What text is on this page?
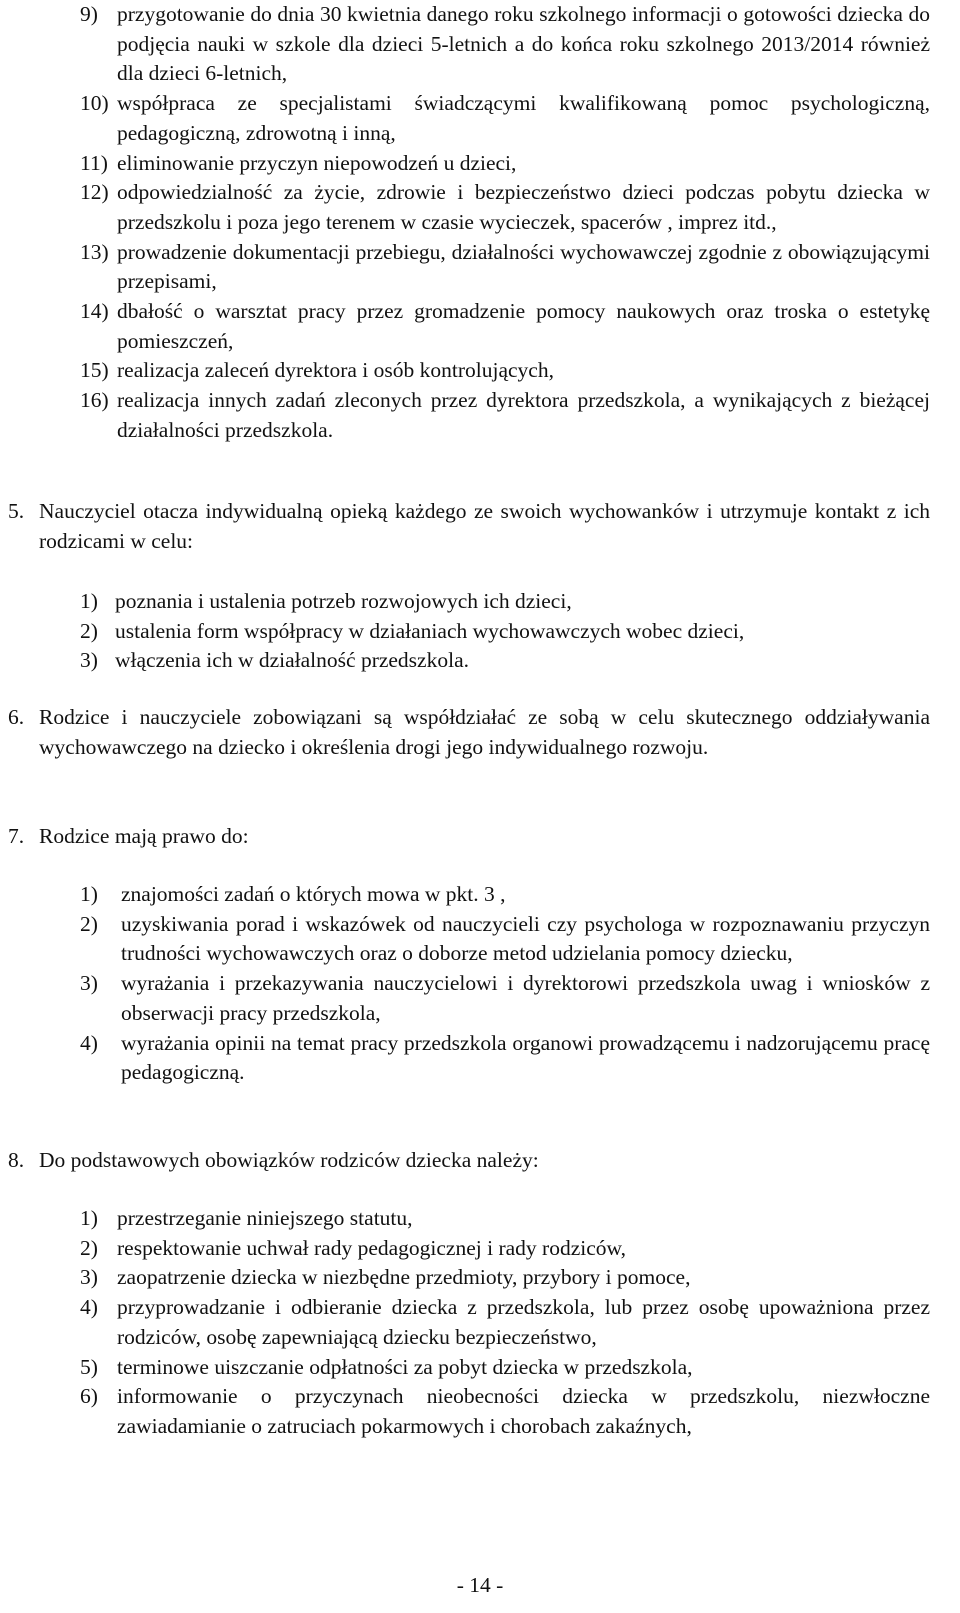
9) przygotowanie do dnia 30 kwietnia danego roku szkolnego informacji o gotowości dziecka do podjęcia nauki w szkole dla dzieci 5-letnich a do końca roku szkolnego 2013/2014 również dla dzieci 6-letnich,
10) współpraca ze specjalistami świadczącymi kwalifikowaną pomoc psychologiczną, pedagogiczną, zdrowotną i inną,
11) eliminowanie przyczyn niepowodzeń u dzieci,
12) odpowiedzialność za życie, zdrowie i bezpieczeństwo dzieci podczas pobytu dziecka w przedszkolu i poza jego terenem w czasie wycieczek, spacerów , imprez itd.,
13) prowadzenie dokumentacji przebiegu, działalności wychowawczej zgodnie z obowiązującymi przepisami,
14) dbałość o warsztat pracy przez gromadzenie pomocy naukowych oraz troska o estetykę pomieszczeń,
15) realizacja zaleceń dyrektora i osób kontrolujących,
16) realizacja innych zadań zleconych przez dyrektora przedszkola, a wynikających z bieżącej działalności przedszkola.
5. Nauczyciel otacza indywidualną opieką każdego ze swoich wychowanków i utrzymuje kontakt z ich rodzicami w celu:
1) poznania i ustalenia potrzeb rozwojowych ich dzieci,
2) ustalenia form współpracy w działaniach wychowawczych wobec dzieci,
3) włączenia ich w działalność przedszkola.
6. Rodzice i nauczyciele zobowiązani są współdziałać ze sobą w celu skutecznego oddziaływania wychowawczego na dziecko i określenia drogi jego indywidualnego rozwoju.
7. Rodzice mają prawo do:
1)	znajomości zadań o których mowa w pkt. 3 ,
2)	uzyskiwania porad i wskazówek od nauczycieli czy psychologa w rozpoznawaniu przyczyn trudności wychowawczych oraz o doborze metod udzielania pomocy dziecku,
3)	wyrażania i przekazywania nauczycielowi i dyrektorowi przedszkola uwag i wniosków z obserwacji pracy przedszkola,
4)	wyrażania opinii na temat pracy przedszkola organowi prowadzącemu i nadzorującemu pracę pedagogiczną.
8. Do podstawowych obowiązków rodziców dziecka należy:
1) przestrzeganie niniejszego statutu,
2) respektowanie uchwał rady pedagogicznej i rady rodziców,
3) zaopatrzenie dziecka w niezbędne przedmioty, przybory i pomoce,
4) przyprowadzanie i odbieranie dziecka z przedszkola, lub przez osobę upoważniona przez rodziców, osobę zapewniającą dziecku bezpieczeństwo,
5) terminowe uiszczanie odpłatności za pobyt dziecka w przedszkola,
6) informowanie o przyczynach nieobecności dziecka w przedszkolu, niezwłoczne zawiadamianie o zatruciach pokarmowych i chorobach zakaźnych,
- 14 -
